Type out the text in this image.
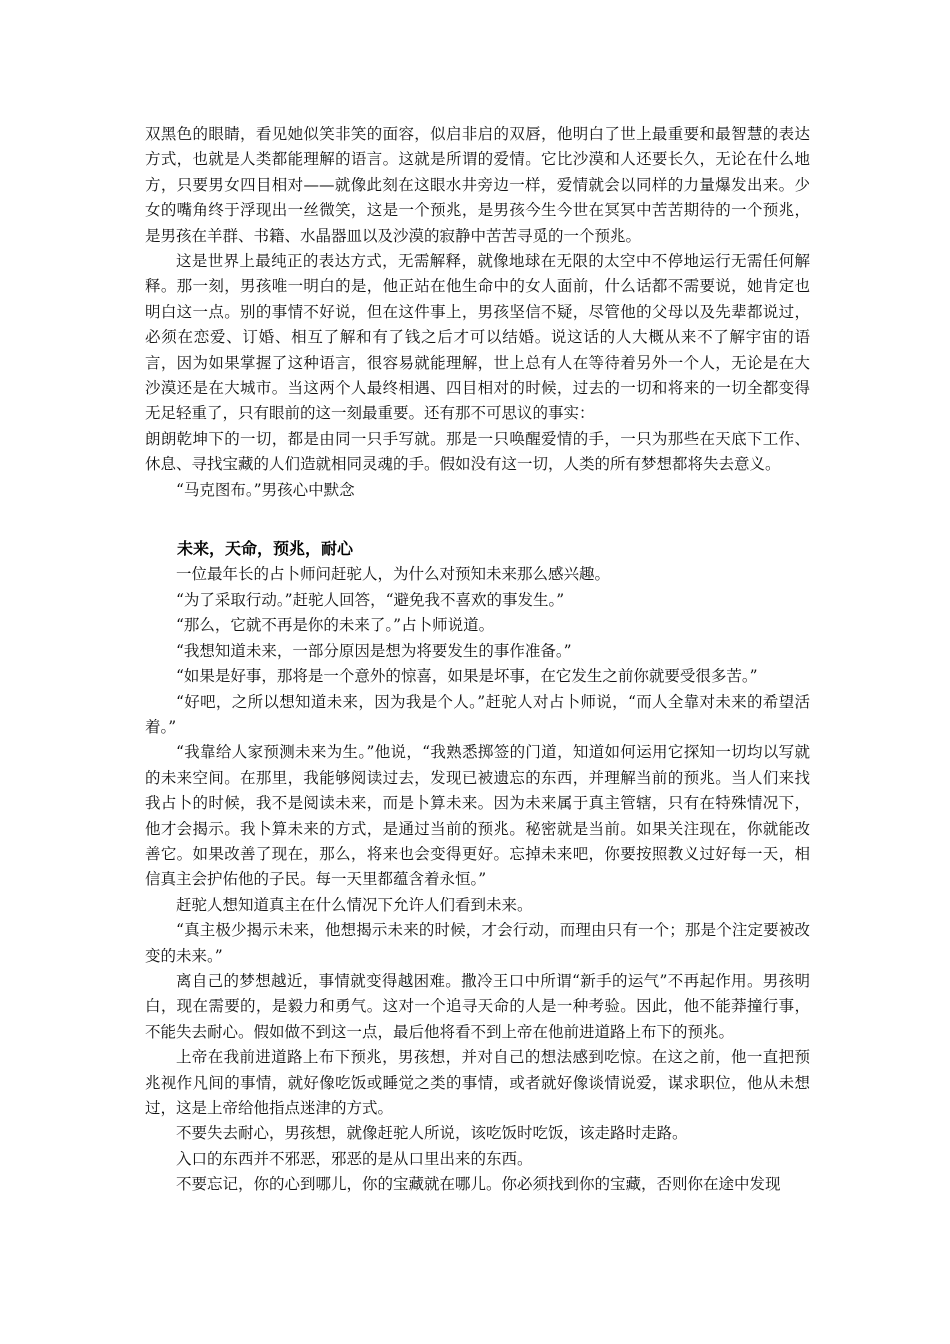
双黑色的眼睛，看见她似笑非笑的面容，似启非启的双唇，他明白了世上最重要和最智慧的表达方式，也就是人类都能理解的语言。这就是所谓的爱情。它比沙漠和人还要长久，无论在什么地方，只要男女四目相对——就像此刻在这眼水井旁边一样，爱情就会以同样的力量爆发出来。少女的嘴角终于浮现出一丝微笑，这是一个预兆，是男孩今生今世在冥冥中苦苦期待的一个预兆，是男孩在羊群、书籍、水晶器皿以及沙漠的寂静中苦苦寻觅的一个预兆。

这是世界上最纯正的表达方式，无需解释，就像地球在无限的太空中不停地运行无需任何解释。那一刻，男孩唯一明白的是，他正站在他生命中的女人面前，什么话都不需要说，她肯定也明白这一点。别的事情不好说，但在这件事上，男孩坚信不疑，尽管他的父母以及先辈都说过，必须在恋爱、订婚、相互了解和有了钱之后才可以结婚。说这话的人大概从来不了解宇宙的语言，因为如果掌握了这种语言，很容易就能理解，世上总有人在等待着另外一个人，无论是在大沙漠还是在大城市。当这两个人最终相遇、四目相对的时候，过去的一切和将来的一切全都变得无足轻重了，只有眼前的这一刻最重要。还有那不可思议的事实：

朗朗乾坤下的一切，都是由同一只手写就。那是一只唤醒爱情的手，一只为那些在天底下工作、休息、寻找宝藏的人们造就相同灵魂的手。假如没有这一切，人类的所有梦想都将失去意义。

“马克图布。”男孩心中默念

未来，天命，预兆，耐心

一位最年长的占卜师问赶驼人，为什么对预知未来那么感兴趣。

“为了采取行动。”赶驼人回答，“避免我不喜欢的事发生。”

“那么，它就不再是你的未来了。”占卜师说道。

“我想知道未来，一部分原因是想为将要发生的事作准备。”

“如果是好事，那将是一个意外的惊喜，如果是坏事，在它发生之前你就要受很多苦。”

“好吧，之所以想知道未来，因为我是个人。”赶驼人对占卜师说，“而人全靠对未来的希望活着。”

“我靠给人家预测未来为生。”他说，“我熟悉掷签的门道，知道如何运用它探知一切均以写就的未来空间。在那里，我能够阅读过去，发现已被遗忘的东西，并理解当前的预兆。当人们来找我占卜的时候，我不是阅读未来，而是卜算未来。因为未来属于真主管辖，只有在特殊情况下，他才会揭示。我卜算未来的方式，是通过当前的预兆。秘密就是当前。如果关注现在，你就能改善它。如果改善了现在，那么，将来也会变得更好。忘掉未来吧，你要按照教义过好每一天，相信真主会护佑他的子民。每一天里都蕴含着永恒。”

赶驼人想知道真主在什么情况下允许人们看到未来。

“真主极少揭示未来，他想揭示未来的时候，才会行动，而理由只有一个；那是个注定要被改变的未来。”

离自己的梦想越近，事情就变得越困难。撒冷王口中所谓“新手的运气”不再起作用。男孩明白，现在需要的，是毅力和勇气。这对一个追寻天命的人是一种考验。因此，他不能莽撞行事，不能失去耐心。假如做不到这一点，最后他将看不到上帝在他前进道路上布下的预兆。

上帝在我前进道路上布下预兆，男孩想，并对自己的想法感到吃惊。在这之前，他一直把预兆视作凡间的事情，就好像吃饭或睡觉之类的事情，或者就好像谈情说爱，谋求职位，他从未想过，这是上帝给他指点迷津的方式。

不要失去耐心，男孩想，就像赶驼人所说，该吃饭时吃饭，该走路时走路。

入口的东西并不邪恶，邪恶的是从口里出来的东西。

不要忘记，你的心到哪儿，你的宝藏就在哪儿。你必须找到你的宝藏，否则你在途中发现
